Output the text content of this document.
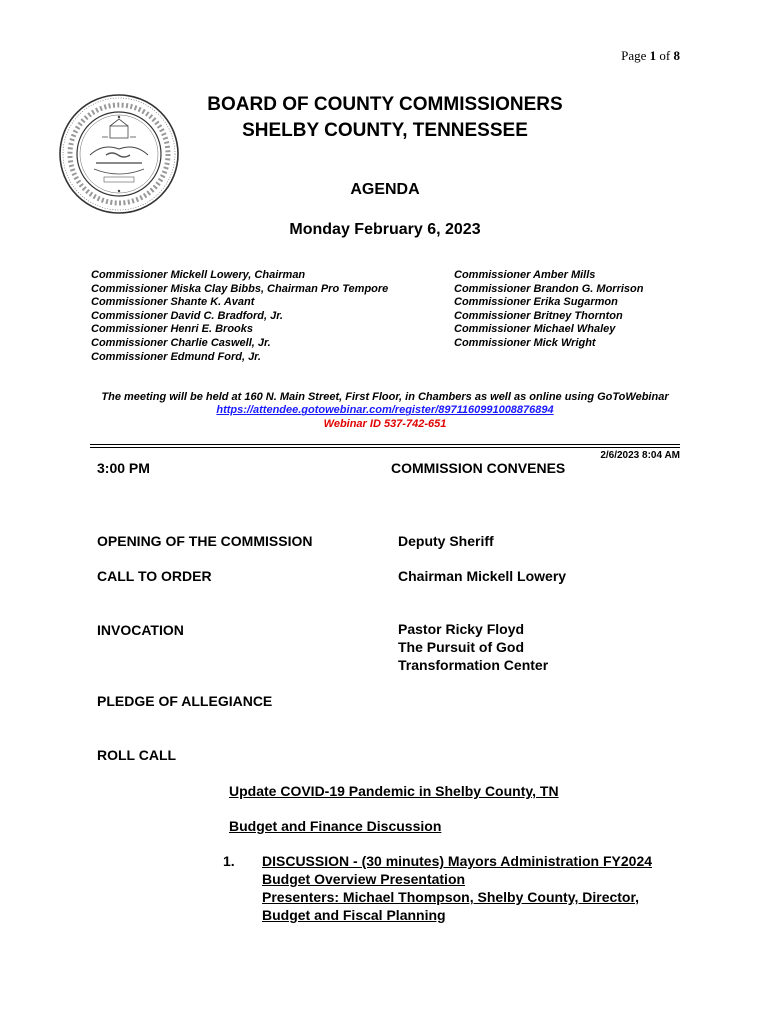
Page 1 of 8
BOARD OF COUNTY COMMISSIONERS
SHELBY COUNTY, TENNESSEE
AGENDA
Monday February 6, 2023
Commissioner Mickell Lowery, Chairman
Commissioner Miska Clay Bibbs, Chairman Pro Tempore
Commissioner Shante K. Avant
Commissioner David C. Bradford, Jr.
Commissioner Henri E. Brooks
Commissioner Charlie Caswell, Jr.
Commissioner Edmund Ford, Jr.
Commissioner Amber Mills
Commissioner Brandon G. Morrison
Commissioner Erika Sugarmon
Commissioner Britney Thornton
Commissioner Michael Whaley
Commissioner Mick Wright
The meeting will be held at 160 N. Main Street, First Floor, in Chambers as well as online using GoToWebinar
https://attendee.gotowebinar.com/register/8971160991008876894
Webinar ID 537-742-651
2/6/2023 8:04 AM
3:00 PM	COMMISSION CONVENES
OPENING OF THE COMMISSION	Deputy Sheriff
CALL TO ORDER	Chairman Mickell Lowery
INVOCATION	Pastor Ricky Floyd
The Pursuit of God
Transformation Center
PLEDGE OF ALLEGIANCE
ROLL CALL
Update COVID-19 Pandemic in Shelby County, TN
Budget and Finance Discussion
1. DISCUSSION - (30 minutes) Mayors Administration FY2024
Budget Overview Presentation
Presenters: Michael Thompson, Shelby County, Director,
Budget and Fiscal Planning
